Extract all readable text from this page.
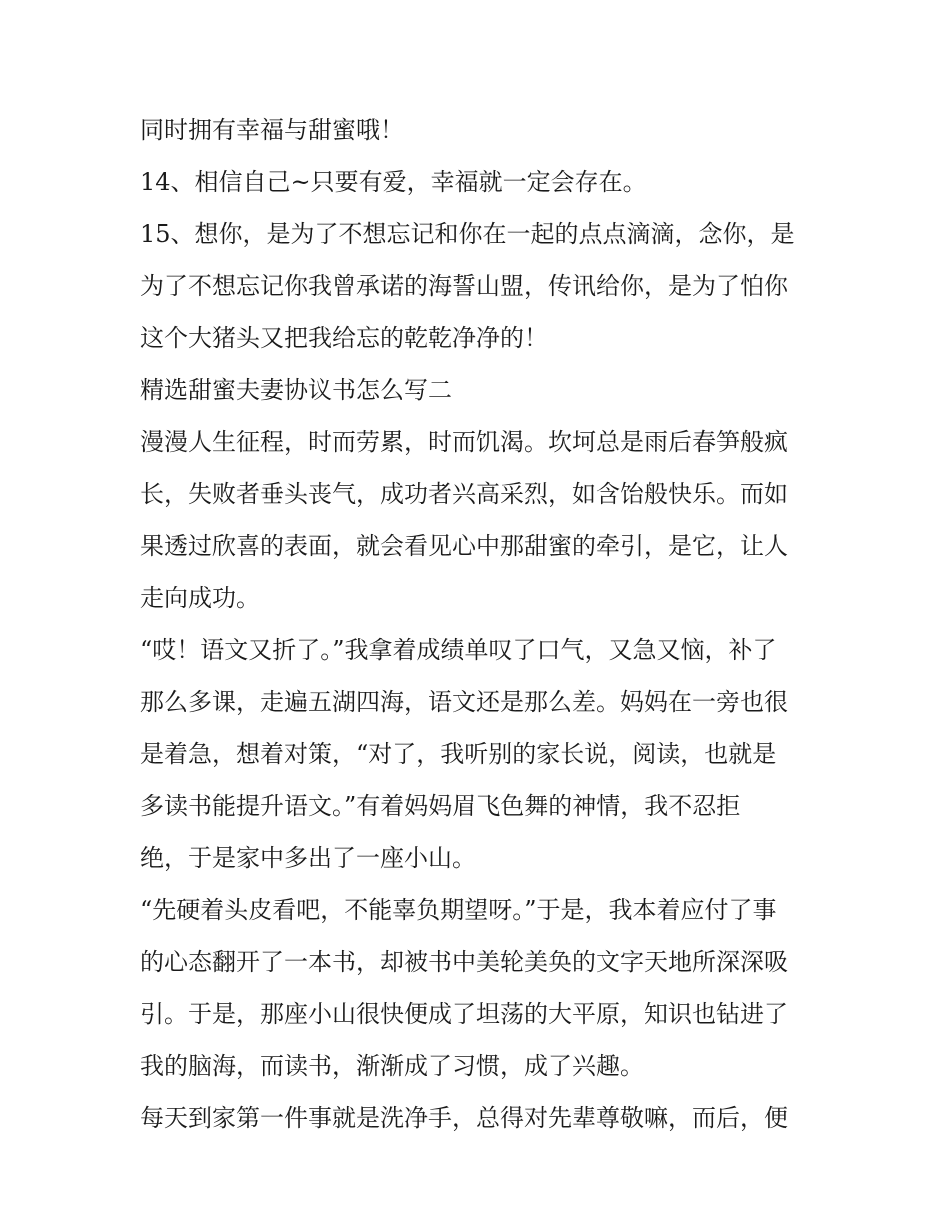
同时拥有幸福与甜蜜哦！
14、相信自己~只要有爱，幸福就一定会存在。
15、想你，是为了不想忘记和你在一起的点点滴滴，念你，是
为了不想忘记你我曾承诺的海誓山盟，传讯给你，是为了怕你
这个大猪头又把我给忘的乾乾净净的！
精选甜蜜夫妻协议书怎么写二
漫漫人生征程，时而劳累，时而饥渴。坎坷总是雨后春笋般疯
长，失败者垂头丧气，成功者兴高采烈，如含饴般快乐。而如
果透过欣喜的表面，就会看见心中那甜蜜的牵引，是它，让人
走向成功。
“哎！语文又折了。”我拿着成绩单叹了口气，又急又恼，补了
那么多课，走遍五湖四海，语文还是那么差。妈妈在一旁也很
是着急，想着对策，“对了，我听别的家长说，阅读，也就是
多读书能提升语文。”有着妈妈眉飞色舞的神情，我不忍拒
绝，于是家中多出了一座小山。
“先硬着头皮看吧，不能辜负期望呀。”于是，我本着应付了事
的心态翻开了一本书，却被书中美轮美奂的文字天地所深深吸
引。于是，那座小山很快便成了坦荡的大平原，知识也钻进了
我的脑海，而读书，渐渐成了习惯，成了兴趣。
每天到家第一件事就是洗净手，总得对先辈尊敬嘛，而后，便
